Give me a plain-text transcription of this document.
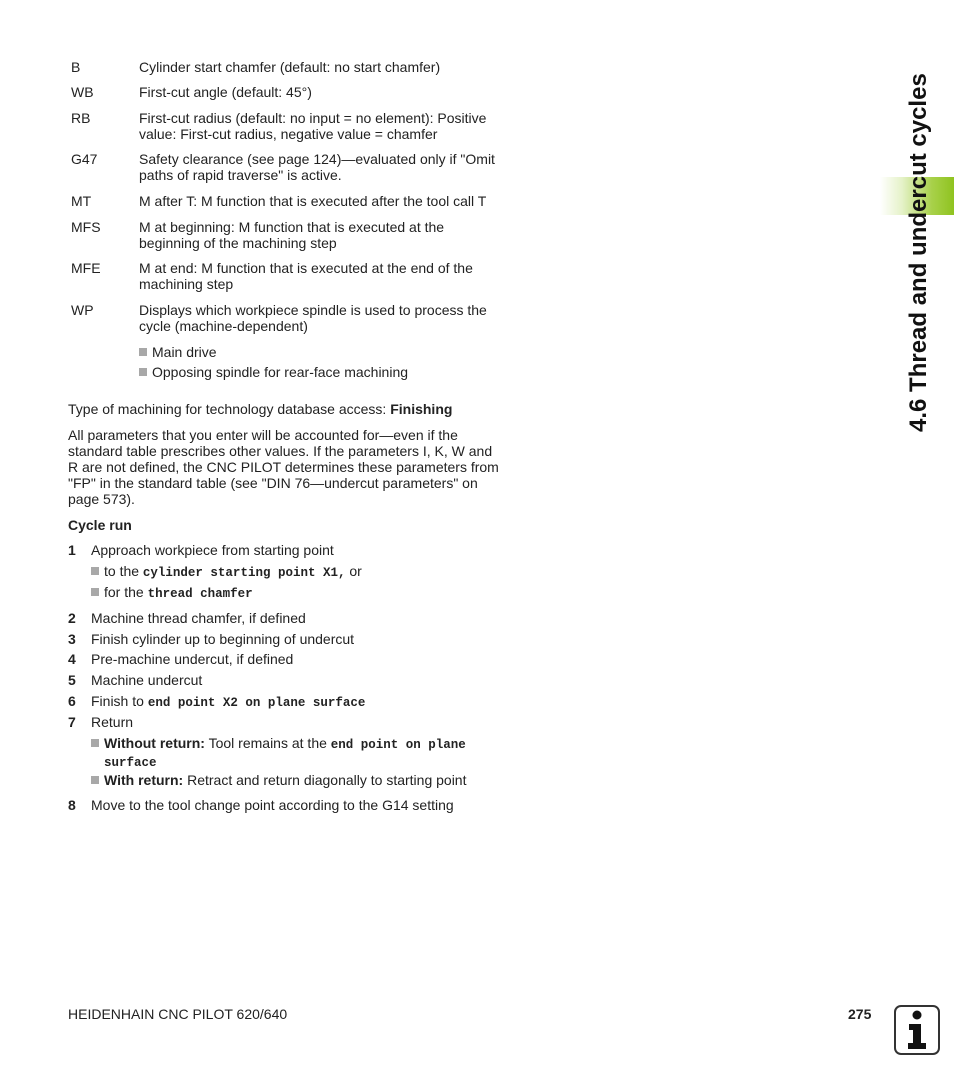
4.6 Thread and undercut cycles
B	Cylinder start chamfer (default: no start chamfer)
WB	First-cut angle (default: 45°)
RB	First-cut radius (default: no input = no element): Positive
value: First-cut radius, negative value = chamfer
G47	Safety clearance (see page 124)—evaluated only if "Omit
paths of rapid traverse" is active.
MT	M after T: M function that is executed after the tool call T
MFS	M at beginning: M function that is executed at the
beginning of the machining step
MFE	M at end: M function that is executed at the end of the
machining step
WP	Displays which workpiece spindle is used to process the
cycle (machine-dependent)
Main drive
Opposing spindle for rear-face machining
Type of machining for technology database access: Finishing
All parameters that you enter will be accounted for—even if the
standard table prescribes other values. If the parameters I, K, W and
R are not defined, the CNC PILOT determines these parameters from
"FP" in the standard table (see "DIN 76—undercut parameters" on
page 573).
Cycle run
1 Approach workpiece from starting point
to the cylinder starting point X1, or
for the thread chamfer
2 Machine thread chamfer, if defined
3 Finish cylinder up to beginning of undercut
4 Pre-machine undercut, if defined
5 Machine undercut
6 Finish to end point X2 on plane surface
7 Return
Without return: Tool remains at the end point on plane
surface
With return: Retract and return diagonally to starting point
8 Move to the tool change point according to the G14 setting
HEIDENHAIN CNC PILOT 620/640	275
